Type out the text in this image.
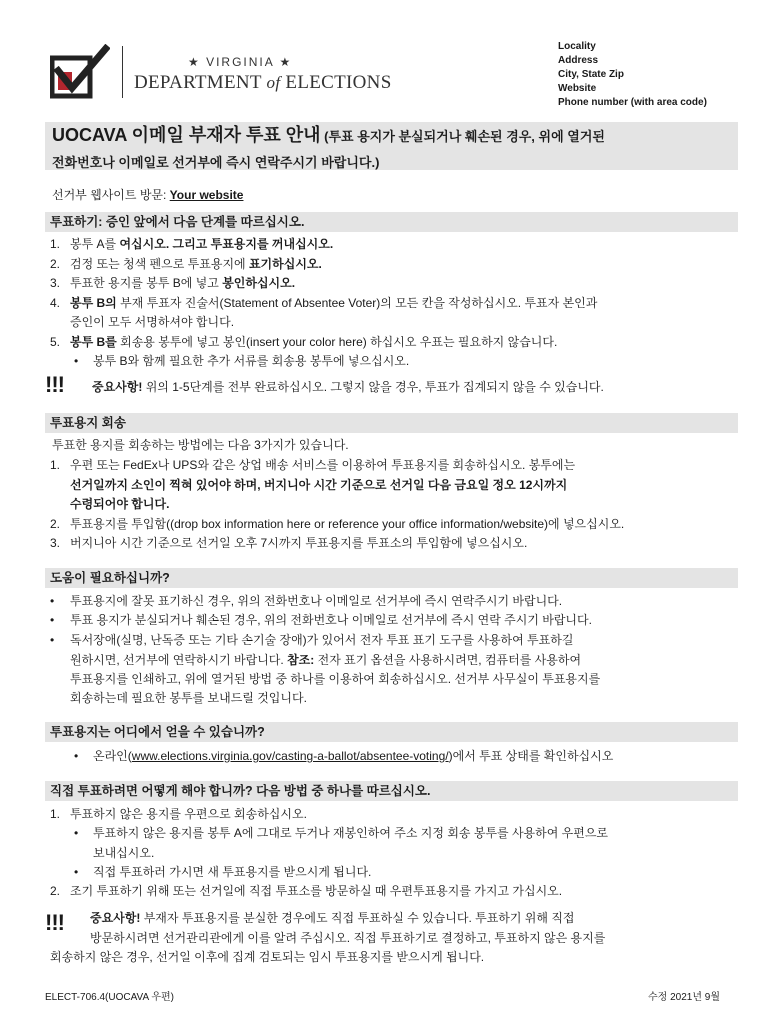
★ VIRGINIA ★
DEPARTMENT of ELECTIONS
Locality
Address
City, State Zip
Website
Phone number (with area code)
UOCAVA 이메일 부재자 투표 안내 (투표 용지가 분실되거나 훼손된 경우, 위에 열거된
전화번호나 이메일로 선거부에 즉시 연락주시기 바랍니다.)
선거부 웹사이트 방문: Your website
투표하기: 증인 앞에서 다음 단계를 따르십시오.
1. 봉투 A를 여십시오. 그리고 투표용지를 꺼내십시오.
2. 검정 또는 청색 펜으로 투표용지에 표기하십시오.
3. 투표한 용지를 봉투 B에 넣고 봉인하십시오.
4. 봉투 B의 부재 투표자 진술서(Statement of Absentee Voter)의 모든 칸을 작성하십시오. 투표자 본인과
증인이 모두 서명하셔야 합니다.
5. 봉투 B를 회송용 봉투에 넣고 봉인(insert your color here) 하십시오 우표는 필요하지 않습니다.
• 봉투 B와 함께 필요한 추가 서류를 회송용 봉투에 넣으십시오.
!!! 중요사항! 위의 1-5단계를 전부 완료하십시오. 그렇지 않을 경우, 투표가 집계되지 않을 수 있습니다.
투표용지 회송
투표한 용지를 회송하는 방법에는 다음 3가지가 있습니다.
1. 우편 또는 FedEx나 UPS와 같은 상업 배송 서비스를 이용하여 투표용지를 회송하십시오. 봉투에는
선거일까지 소인이 찍혀 있어야 하며, 버지니아 시간 기준으로 선거일 다음 금요일 정오 12시까지
수령되어야 합니다.
2. 투표용지를 투입함((drop box information here or reference your office information/website)에 넣으십시오.
3. 버지니아 시간 기준으로 선거일 오후 7시까지 투표용지를 투표소의 투입함에 넣으십시오.
도움이 필요하십니까?
• 투표용지에 잘못 표기하신 경우, 위의 전화번호나 이메일로 선거부에 즉시 연락주시기 바랍니다.
• 투표 용지가 분실되거나 훼손된 경우, 위의 전화번호나 이메일로 선거부에 즉시 연락 주시기 바랍니다.
• 독서장애(실명, 난독증 또는 기타 손기술 장애)가 있어서 전자 투표 표기 도구를 사용하여 투표하길
원하시면, 선거부에 연락하시기 바랍니다. 참조: 전자 표기 옵션을 사용하시려면, 컴퓨터를 사용하여
투표용지를 인쇄하고, 위에 열거된 방법 중 하나를 이용하여 회송하십시오. 선거부 사무실이 투표용지를
회송하는데 필요한 봉투를 보내드릴 것입니다.
투표용지는 어디에서 얻을 수 있습니까?
• 온라인(www.elections.virginia.gov/casting-a-ballot/absentee-voting/)에서 투표 상태를 확인하십시오
직접 투표하려면 어떻게 해야 합니까? 다음 방법 중 하나를 따르십시오.
1. 투표하지 않은 용지를 우편으로 회송하십시오.
• 투표하지 않은 용지를 봉투 A에 그대로 두거나 재봉인하여 주소 지정 회송 봉투를 사용하여 우편으로
보내십시오.
• 직접 투표하러 가시면 새 투표용지를 받으시게 됩니다.
2. 조기 투표하기 위해 또는 선거일에 직접 투표소를 방문하실 때 우편투표용지를 가지고 가십시오.
!!! 중요사항! 부재자 투표용지를 분실한 경우에도 직접 투표하실 수 있습니다. 투표하기 위해 직접
방문하시려면 선거관리관에게 이를 알려 주십시오. 직접 투표하기로 결정하고, 투표하지 않은 용지를
회송하지 않은 경우, 선거일 이후에 집계 검토되는 임시 투표용지를 받으시게 됩니다.
ELECT-706.4(UOCAVA 우편)	수정 2021년 9월
